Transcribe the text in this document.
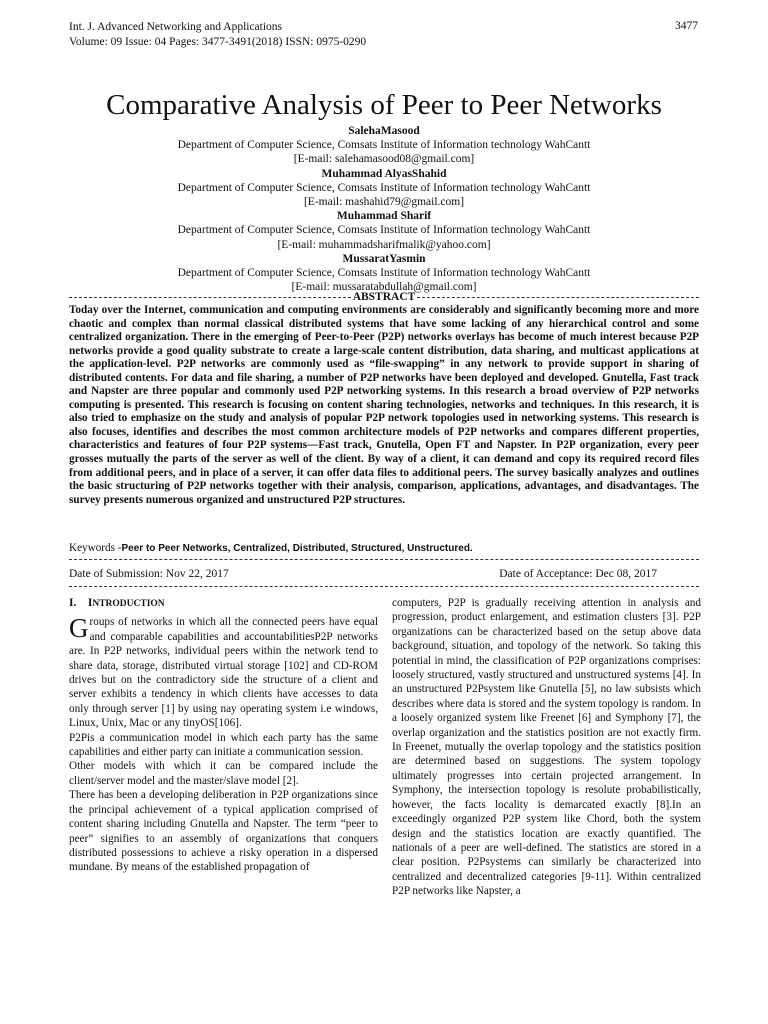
Int. J. Advanced Networking and Applications
Volume: 09 Issue: 04 Pages: 3477-3491(2018) ISSN: 0975-0290
3477
Comparative Analysis of Peer to Peer Networks
SalehaMasood
Department of Computer Science, Comsats Institute of Information technology WahCantt
[E-mail: salehamasood08@gmail.com]
Muhammad AlyasShahid
Department of Computer Science, Comsats Institute of Information technology WahCantt
[E-mail: mashahid79@gmail.com]
Muhammad Sharif
Department of Computer Science, Comsats Institute of Information technology WahCantt
[E-mail: muhammadsharifmalik@yahoo.com]
MussaratYasmin
Department of Computer Science, Comsats Institute of Information technology WahCantt
[E-mail: mussaratabdullah@gmail.com]
ABSTRACT
Today over the Internet, communication and computing environments are considerably and significantly becoming more and more chaotic and complex than normal classical distributed systems that have some lacking of any hierarchical control and some centralized organization. There in the emerging of Peer-to-Peer (P2P) networks overlays has become of much interest because P2P networks provide a good quality substrate to create a large-scale content distribution, data sharing, and multicast applications at the application-level. P2P networks are commonly used as “file-swapping” in any network to provide support in sharing of distributed contents. For data and file sharing, a number of P2P networks have been deployed and developed. Gnutella, Fast track and Napster are three popular and commonly used P2P networking systems. In this research a broad overview of P2P networks computing is presented. This research is focusing on content sharing technologies, networks and techniques. In this research, it is also tried to emphasize on the study and analysis of popular P2P network topologies used in networking systems. This research is also focuses, identifies and describes the most common architecture models of P2P networks and compares different properties, characteristics and features of four P2P systems—Fast track, Gnutella, Open FT and Napster. In P2P organization, every peer grosses mutually the parts of the server as well of the client. By way of a client, it can demand and copy its required record files from additional peers, and in place of a server, it can offer data files to additional peers. The survey basically analyzes and outlines the basic structuring of P2P networks together with their analysis, comparison, applications, advantages, and disadvantages. The survey presents numerous organized and unstructured P2P structures.
Keywords -Peer to Peer Networks, Centralized, Distributed, Structured, Unstructured.
Date of Submission: Nov 22, 2017	Date of Acceptance: Dec 08, 2017
I. INTRODUCTION

Groups of networks in which all the connected peers have equal and comparable capabilities and accountabilitiesP2P networks are. In P2P networks, individual peers within the network tend to share data, storage, distributed virtual storage [102] and CD-ROM drives but on the contradictory side the structure of a client and server exhibits a tendency in which clients have accesses to data only through server [1] by using nay operating system i.e windows, Linux, Unix, Mac or any tinyOS[106].

P2Pis a communication model in which each party has the same capabilities and either party can initiate a communication session.

Other models with which it can be compared include the client/server model and the master/slave model [2].

There has been a developing deliberation in P2P organizations since the principal achievement of a typical application comprised of content sharing including Gnutella and Napster. The term “peer to peer” signifies to an assembly of organizations that conquers distributed possessions to achieve a risky operation in a dispersed mundane. By means of the established propagation of

computers, P2P is gradually receiving attention in analysis and progression, product enlargement, and estimation clusters [3]. P2P organizations can be characterized based on the setup above data background, situation, and topology of the network. So taking this potential in mind, the classification of P2P organizations comprises: loosely structured, vastly structured and unstructured systems [4]. In an unstructured P2Psystem like Gnutella [5], no law subsists which describes where data is stored and the system topology is random. In a loosely organized system like Freenet [6] and Symphony [7], the overlap organization and the statistics position are not exactly firm. In Freenet, mutually the overlap topology and the statistics position are determined based on suggestions. The system topology ultimately progresses into certain projected arrangement. In Symphony, the intersection topology is resolute probabilistically, however, the facts locality is demarcated exactly [8].In an exceedingly organized P2P system like Chord, both the system design and the statistics location are exactly quantified. The nationals of a peer are well-defined. The statistics are stored in a clear position. P2Psystems can similarly be characterized into centralized and decentralized categories [9-11]. Within centralized P2P networks like Napster, a
